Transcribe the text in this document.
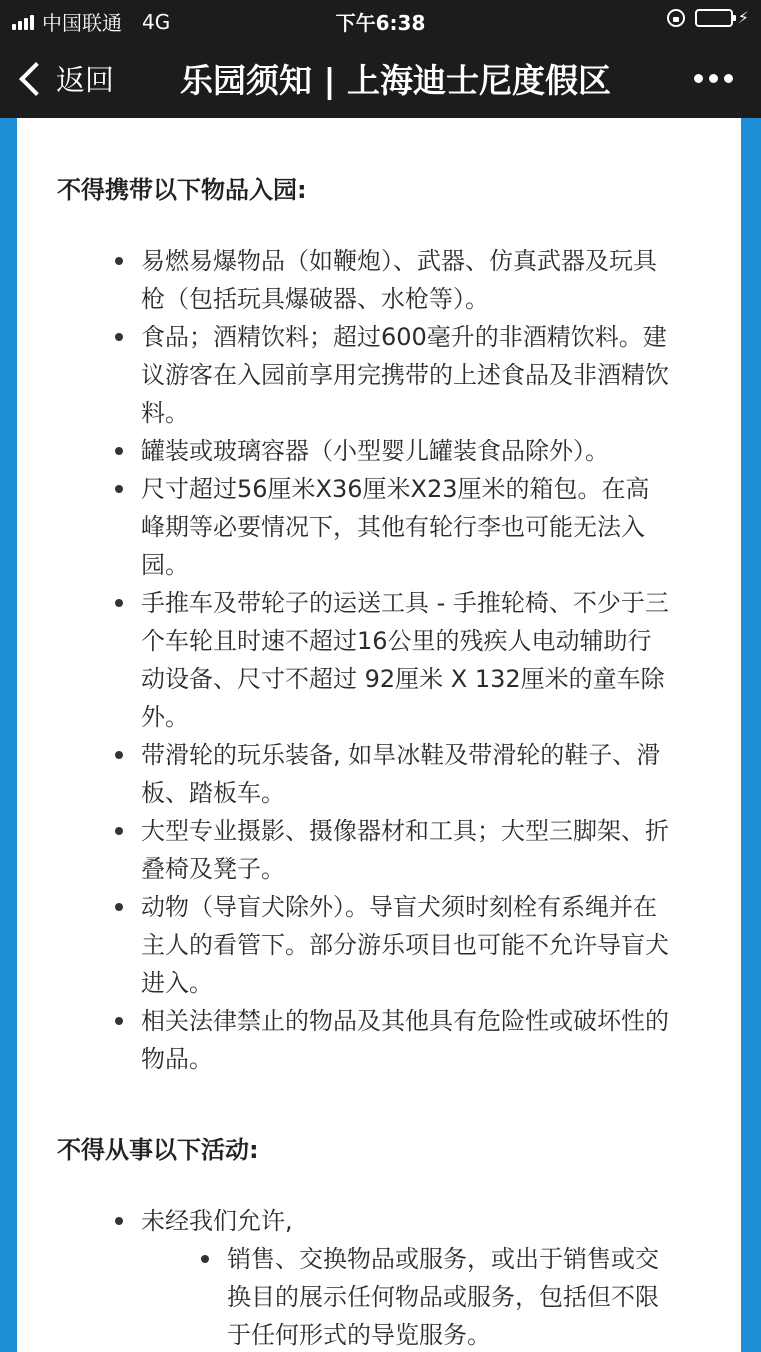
中国联通 4G	下午6:38	⚡
返回	乐园须知 | 上海迪士尼度假区
不得携带以下物品入园:
易燃易爆物品（如鞭炮）、武器、仿真武器及玩具枪（包括玩具爆破器、水枪等）。
食品；酒精饮料；超过600毫升的非酒精饮料。建议游客在入园前享用完携带的上述食品及非酒精饮料。
罐装或玻璃容器（小型婴儿罐装食品除外）。
尺寸超过56厘米X36厘米X23厘米的箱包。在高峰期等必要情况下，其他有轮行李也可能无法入园。
手推车及带轮子的运送工具 - 手推轮椅、不少于三个车轮且时速不超过16公里的残疾人电动辅助行动设备、尺寸不超过 92厘米 X 132厘米的童车除外。
带滑轮的玩乐装备, 如旱冰鞋及带滑轮的鞋子、滑板、踏板车。
大型专业摄影、摄像器材和工具；大型三脚架、折叠椅及凳子。
动物（导盲犬除外）。导盲犬须时刻栓有系绳并在主人的看管下。部分游乐项目也可能不允许导盲犬进入。
相关法律禁止的物品及其他具有危险性或破坏性的物品。
不得从事以下活动:
未经我们允许,
销售、交换物品或服务，或出于销售或交换目的展示任何物品或服务，包括但不限于任何形式的导览服务。
